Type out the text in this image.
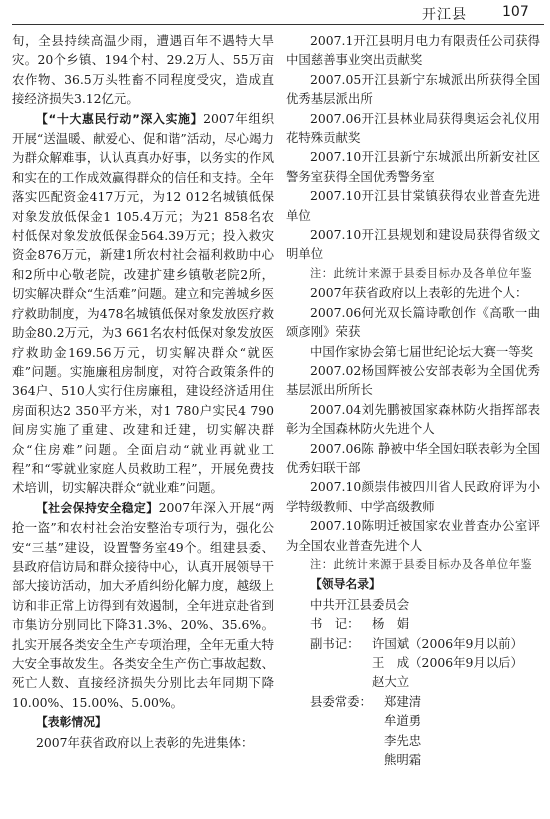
开江县	107

旬，全县持续高温少雨，遭遇百年不遇特大旱灾。20个乡镇、194个村、29.2万人、55万亩农作物、36.5万头牲畜不同程度受灾，造成直接经济损失3.12亿元。

【“十大惠民行动”深入实施】2007年组织开展“送温暖、献爱心、促和谐”活动，尽心竭力为群众解难事，认认真真办好事，以务实的作风和实在的工作成效赢得群众的信任和支持。全年落实匹配资金417万元，为12 012名城镇低保对象发放低保金1 105.4万元；为21 858名农村低保对象发放低保金564.39万元；投入救灾资金876万元，新建1所农村社会福利救助中心和2所中心敬老院，改建扩建乡镇敬老院2所，切实解决群众“生活难”问题。建立和完善城乡医疗救助制度，为478名城镇低保对象发放医疗救助金80.2万元，为3 661名农村低保对象发放医疗救助金169.56万元，切实解决群众“就医难”问题。实施廉租房制度，对符合政策条件的364户、510人实行住房廉租，建设经济适用住房面积达2 350平方米，对1 780户实民4 790间房实施了重建、改建和迁建，切实解决群众“住房难”问题。全面启动“就业再就业工程”和“零就业家庭人员救助工程”，开展免费技术培训，切实解决群众“就业难”问题。

【社会保持安全稳定】2007年深入开展“两抢一盗”和农村社会治安整治专项行为，强化公安“三基”建设，设置警务室49个。组建县委、县政府信访局和群众接待中心，认真开展领导干部大接访活动，加大矛盾纠纷化解力度，越级上访和非正常上访得到有效遏制，全年进京赴省到市集访分别同比下降31.3%、20%、35.6%。扎实开展各类安全生产专项治理，全年无重大特大安全事故发生。各类安全生产伤亡事故起数、死亡人数、直接经济损失分别比去年同期下降10.00%、15.00%、5.00%。

【表彰情况】

2007年获省政府以上表彰的先进集体：

2007.1开江县明月电力有限责任公司获得中国慈善事业突出贡献奖

2007.05开江县新宁东城派出所获得全国优秀基层派出所

2007.06开江县林业局获得奥运会礼仪用花特殊贡献奖

2007.10开江县新宁东城派出所新安社区警务室获得全国优秀警务室

2007.10开江县甘棠镇获得农业普查先进单位

2007.10开江县规划和建设局获得省级文明单位

注：此统计来源于县委目标办及各单位年鉴

2007年获省政府以上表彰的先进个人：

2007.06何光双长篇诗歌创作《高歌一曲颂彦刚》荣获

中国作家协会第七届世纪论坛大赛一等奖

2007.02杨国辉被公安部表彰为全国优秀基层派出所所长

2007.04刘先鹏被国家森林防火指挥部表彰为全国森林防火先进个人

2007.06陈 静被中华全国妇联表彰为全国优秀妇联干部

2007.10颜崇伟被四川省人民政府评为小学特级教师、中学高级教师

2007.10陈明迁被国家农业普查办公室评为全国农业普查先进个人

注：此统计来源于县委目标办及各单位年鉴

【领导名录】

中共开江县委员会
书　记：	杨　娟
副书记：	许国斌（2006年9月以前）
王　成（2006年9月以后）
赵大立
县委常委： 郑建清
牟道勇
李先忠
熊明霜
